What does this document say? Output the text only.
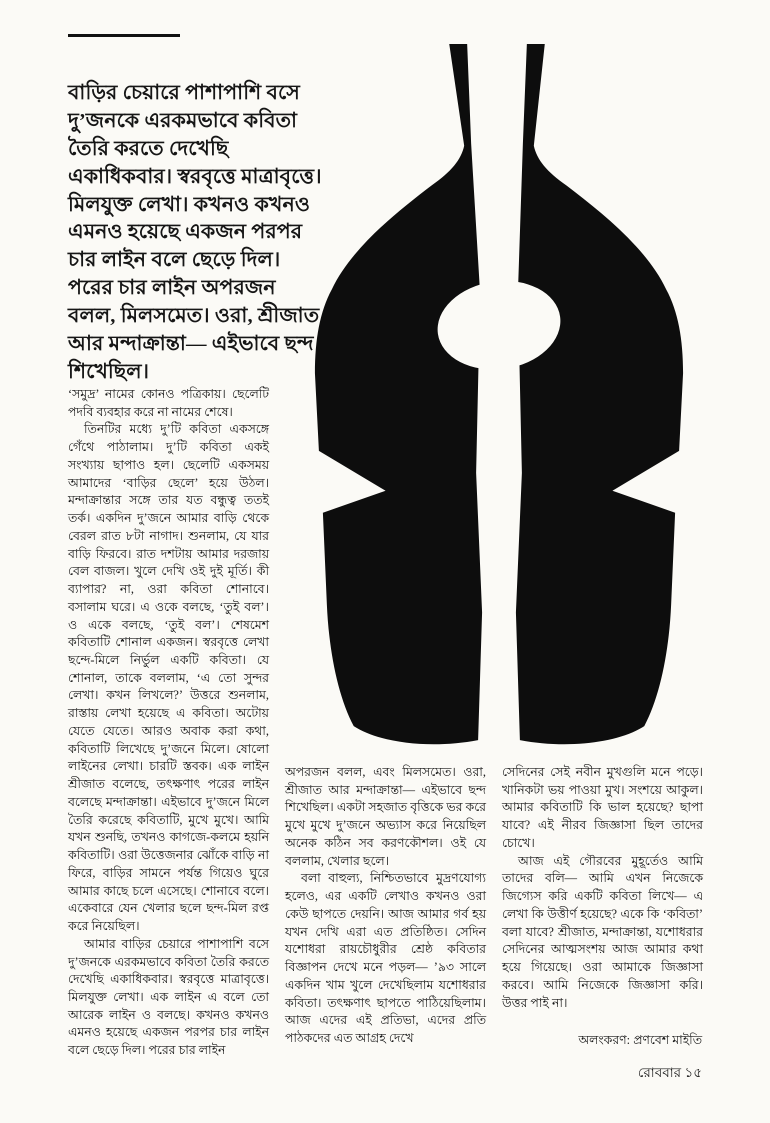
বাড়ির চেয়ারে পাশাপাশি বসে দু’জনকে এরকমভাবে কবিতা তৈরি করতে দেখেছি একাধিকবার। স্বরবৃত্তে মাত্রাবৃত্তে। মিলযুক্ত লেখা। কখনও কখনও এমনও হয়েছে একজন পরপর চার লাইন বলে ছেড়ে দিল। পরের চার লাইন অপরজন বলল, মিলসমেত। ওরা, শ্রীজাত আর মন্দাক্রান্তা— এইভাবে ছন্দ শিখেছিল।

‘সমুদ্র’ নামের কোনও পত্রিকায়। ছেলেটি পদবি ব্যবহার করে না নামের শেষে।

তিনটির মধ্যে দু’টি কবিতা একসঙ্গে গেঁথে পাঠালাম। দু’টি কবিতা একই সংখ্যায় ছাপাও হল। ছেলেটি একসময় আমাদের ‘বাড়ির ছেলে’ হয়ে উঠল। মন্দাক্রান্তার সঙ্গে তার যত বন্ধুত্ব ততই তর্ক। একদিন দু’জনে আমার বাড়ি থেকে বেরল রাত ৮টা নাগাদ। শুনলাম, যে যার বাড়ি ফিরবে। রাত দশটায় আমার দরজায় বেল বাজল। খুলে দেখি ওই দুই মূর্তি। কী ব্যাপার? না, ওরা কবিতা শোনাবে। বসালাম ঘরে। এ ওকে বলছে, ‘তুই বল’। ও একে বলছে, ‘তুই বল’। শেষমেশ কবিতাটি শোনাল একজন। স্বরবৃত্তে লেখা ছন্দে-মিলে নির্ভুল একটি কবিতা। যে শোনাল, তাকে বললাম, ‘এ তো সুন্দর লেখা। কখন লিখলে?’ উত্তরে শুনলাম, রাস্তায় লেখা হয়েছে এ কবিতা। অটোয় যেতে যেতে। আরও অবাক করা কথা, কবিতাটি লিখেছে দু’জনে মিলে। ষোলো লাইনের লেখা। চারটি স্তবক। এক লাইন শ্রীজাত বলেছে, তৎক্ষণাৎ পরের লাইন বলেছে মন্দাক্রান্তা। এইভাবে দু’জনে মিলে তৈরি করেছে কবিতাটি, মুখে মুখে। আমি যখন শুনছি, তখনও কাগজে-কলমে হয়নি কবিতাটি। ওরা উত্তেজনার ঝোঁকে বাড়ি না ফিরে, বাড়ির সামনে পর্যন্ত গিয়েও ঘুরে আমার কাছে চলে এসেছে। শোনাবে বলে। একেবারে যেন খেলার ছলে ছন্দ-মিল রপ্ত করে নিয়েছিল।

আমার বাড়ির চেয়ারে পাশাপাশি বসে দু’জনকে এরকমভাবে কবিতা তৈরি করতে দেখেছি একাধিকবার। স্বরবৃত্তে মাত্রাবৃত্তে। মিলযুক্ত লেখা। এক লাইন এ বলে তো আরেক লাইন ও বলছে। কখনও কখনও এমনও হয়েছে একজন পরপর চার লাইন বলে ছেড়ে দিল। পরের চার লাইন

অপরজন বলল, এবং মিলসমেত। ওরা, শ্রীজাত আর মন্দাক্রান্তা— এইভাবে ছন্দ শিখেছিল। একটা সহজাত বৃত্তিকে ভর করে মুখে মুখে দু’জনে অভ্যাস করে নিয়েছিল অনেক কঠিন সব করণকৌশল। ওই যে বললাম, খেলার ছলে।

বলা বাহুল্য, নিশ্চিতভাবে মুদ্রণযোগ্য হলেও, এর একটি লেখাও কখনও ওরা কেউ ছাপতে দেয়নি। আজ আমার গর্ব হয় যখন দেখি এরা এত প্রতিষ্ঠিত। সেদিন যশোধরা রায়চৌধুরীর শ্রেষ্ঠ কবিতার বিজ্ঞাপন দেখে মনে পড়ল— ’৯৩ সালে একদিন খাম খুলে দেখেছিলাম যশোধরার কবিতা। তৎক্ষণাৎ ছাপতে পাঠিয়েছিলাম। আজ এদের এই প্রতিভা, এদের প্রতি পাঠকদের এত আগ্রহ দেখে

সেদিনের সেই নবীন মুখগুলি মনে পড়ে। খানিকটা ভয় পাওয়া মুখ। সংশয়ে আকুল। আমার কবিতাটি কি ভাল হয়েছে? ছাপা যাবে? এই নীরব জিজ্ঞাসা ছিল তাদের চোখে।

আজ এই গৌরবের মুহূর্তেও আমি তাদের বলি— আমি এখন নিজেকে জিগ্যেস করি একটি কবিতা লিখে— এ লেখা কি উত্তীর্ণ হয়েছে? একে কি ‘কবিতা’ বলা যাবে? শ্রীজাত, মন্দাক্রান্তা, যশোধরার সেদিনের আত্মসংশয় আজ আমার কথা হয়ে গিয়েছে। ওরা আমাকে জিজ্ঞাসা করবে। আমি নিজেকে জিজ্ঞাসা করি। উত্তর পাই না।

অলংকরণ: প্রণবেশ মাইতি
রোববার ১৫
